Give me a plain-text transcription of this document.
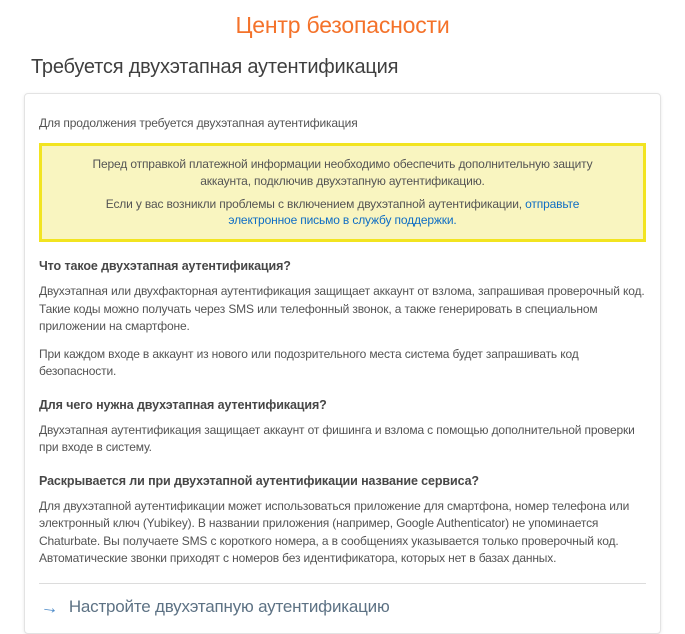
Центр безопасности
Требуется двухэтапная аутентификация

Для продолжения требуется двухэтапная аутентификация

Перед отправкой платежной информации необходимо обеспечить дополнительную защиту аккаунта, подключив двухэтапную аутентификацию.

Если у вас возникли проблемы с включением двухэтапной аутентификации, отправьте электронное письмо в службу поддержки.

Что такое двухэтапная аутентификация?

Двухэтапная или двухфакторная аутентификация защищает аккаунт от взлома, запрашивая проверочный код. Такие коды можно получать через SMS или телефонный звонок, а также генерировать в специальном приложении на смартфоне.

При каждом входе в аккаунт из нового или подозрительного места система будет запрашивать код безопасности.

Для чего нужна двухэтапная аутентификация?

Двухэтапная аутентификация защищает аккаунт от фишинга и взлома с помощью дополнительной проверки при входе в систему.

Раскрывается ли при двухэтапной аутентификации название сервиса?

Для двухэтапной аутентификации может использоваться приложение для смартфона, номер телефона или электронный ключ (Yubikey). В названии приложения (например, Google Authenticator) не упоминается Chaturbate. Вы получаете SMS с короткого номера, а в сообщениях указывается только проверочный код. Автоматические звонки приходят с номеров без идентификатора, которых нет в базах данных.

→ Настройте двухэтапную аутентификацию
